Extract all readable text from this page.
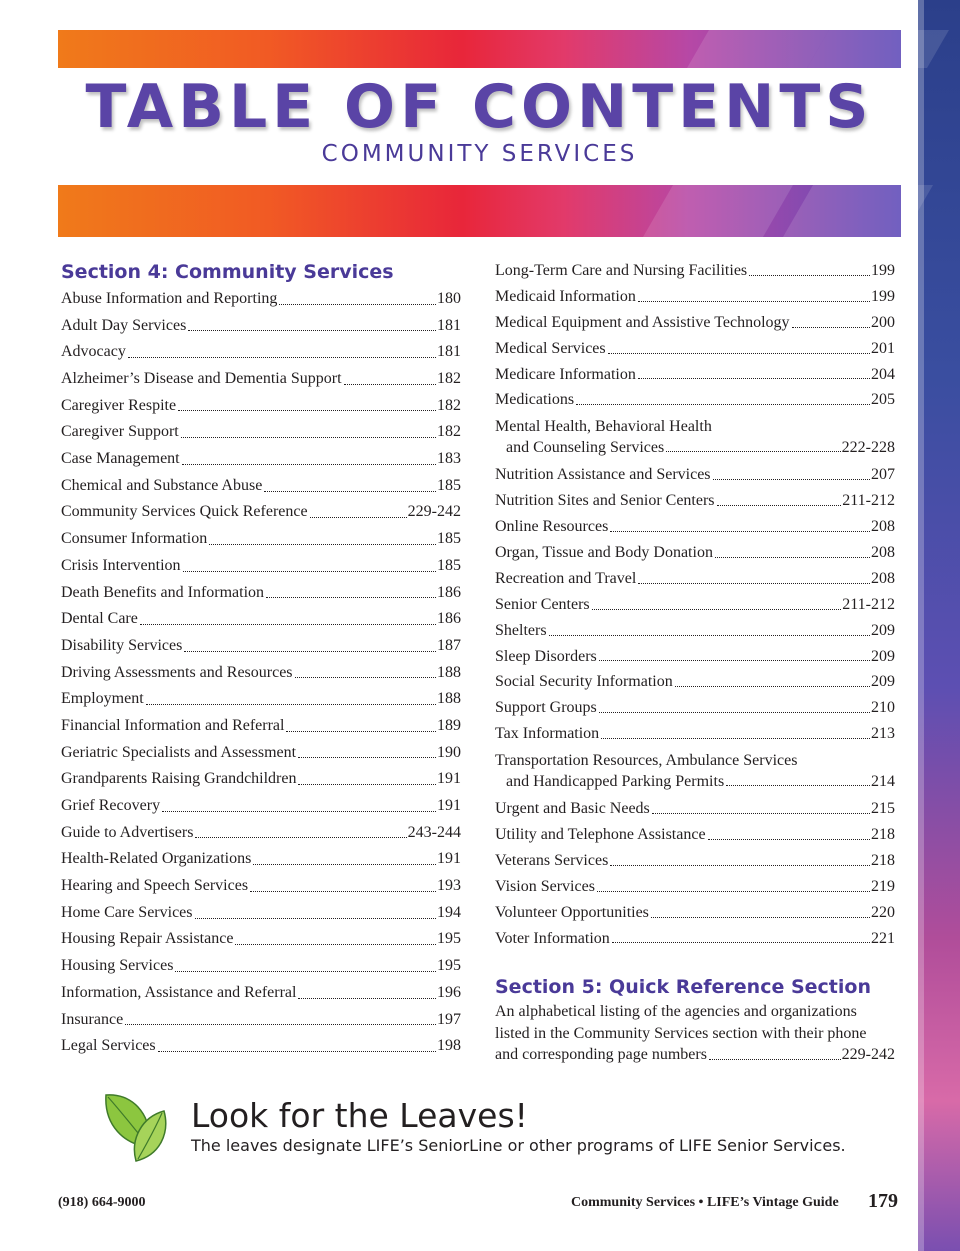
TABLE OF CONTENTS
COMMUNITY SERVICES
Section 4: Community Services
Abuse Information and Reporting	180
Adult Day Services	181
Advocacy	181
Alzheimer’s Disease and Dementia Support	182
Caregiver Respite	182
Caregiver Support	182
Case Management	183
Chemical and Substance Abuse	185
Community Services Quick Reference	229-242
Consumer Information	185
Crisis Intervention	185
Death Benefits and Information	186
Dental Care	186
Disability Services	187
Driving Assessments and Resources	188
Employment	188
Financial Information and Referral	189
Geriatric Specialists and Assessment	190
Grandparents Raising Grandchildren	191
Grief Recovery	191
Guide to Advertisers	243-244
Health-Related Organizations	191
Hearing and Speech Services	193
Home Care Services	194
Housing Repair Assistance	195
Housing Services	195
Information, Assistance and Referral	196
Insurance	197
Legal Services	198
Long-Term Care and Nursing Facilities	199
Medicaid Information	199
Medical Equipment and Assistive Technology	200
Medical Services	201
Medicare Information	204
Medications	205
Mental Health, Behavioral Health
and Counseling Services	222-228
Nutrition Assistance and Services	207
Nutrition Sites and Senior Centers	211-212
Online Resources	208
Organ, Tissue and Body Donation	208
Recreation and Travel	208
Senior Centers	211-212
Shelters	209
Sleep Disorders	209
Social Security Information	209
Support Groups	210
Tax Information	213
Transportation Resources, Ambulance Services
and Handicapped Parking Permits	214
Urgent and Basic Needs	215
Utility and Telephone Assistance	218
Veterans Services	218
Vision Services	219
Volunteer Opportunities	220
Voter Information	221
Section 5: Quick Reference Section
An alphabetical listing of the agencies and organizations
listed in the Community Services section with their phone
and corresponding page numbers	229-242
Look for the Leaves!
The leaves designate LIFE’s SeniorLine or other programs of LIFE Senior Services.
(918) 664-9000	Community Services • LIFE’s Vintage Guide 179
